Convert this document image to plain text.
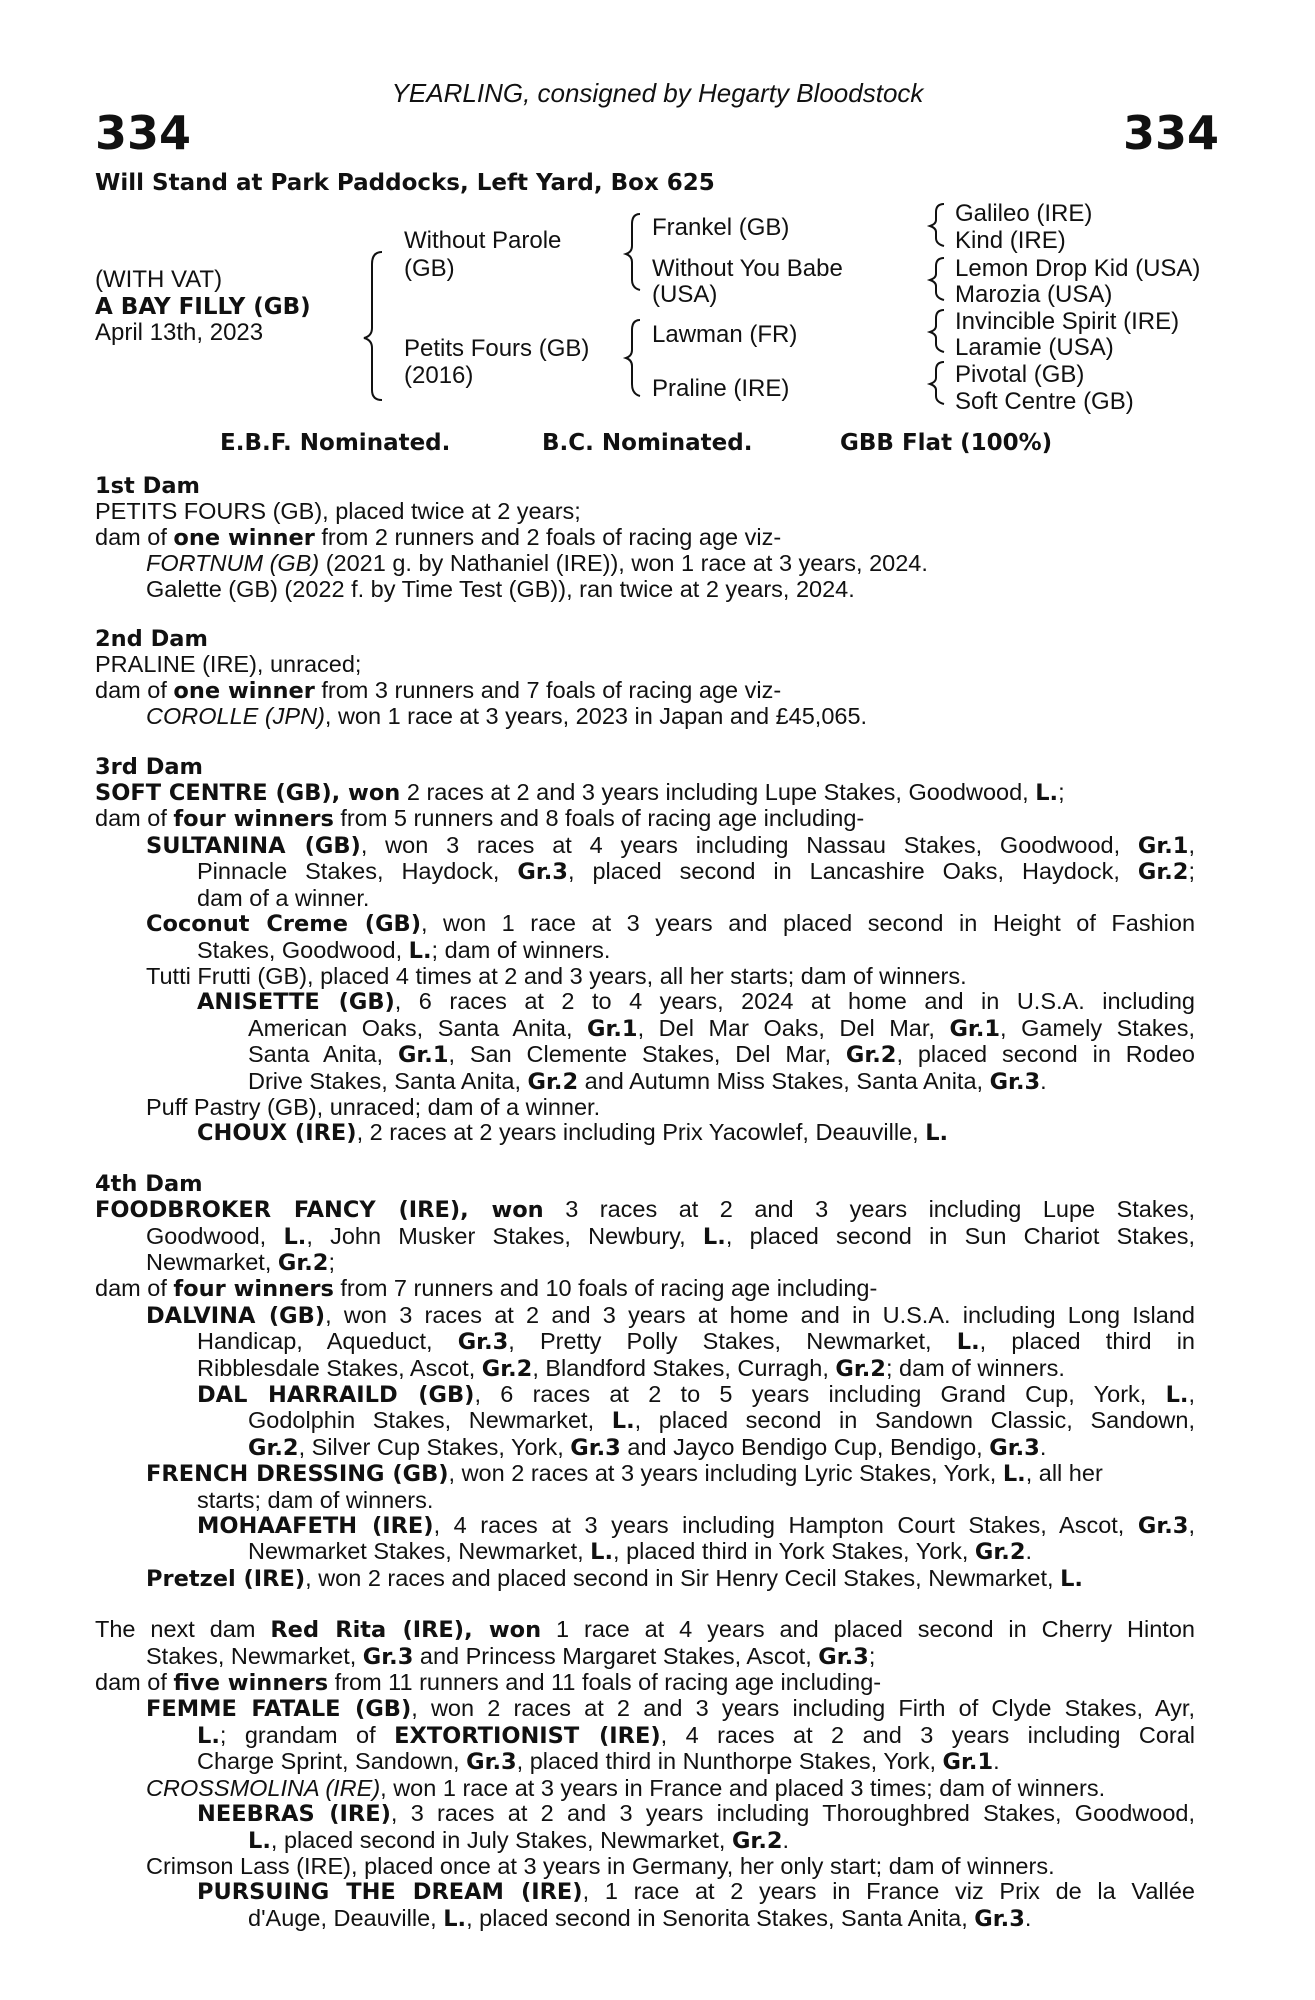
YEARLING, consigned by Hegarty Bloodstock
334	334
Will Stand at Park Paddocks, Left Yard, Box 625
(WITH VAT)
A BAY FILLY (GB)
April 13th, 2023
Without Parole
(GB)
Petits Fours (GB)
(2016)
Frankel (GB)
Without You Babe
(USA)
Lawman (FR)
Praline (IRE)
Galileo (IRE)
Kind (IRE)
Lemon Drop Kid (USA)
Marozia (USA)
Invincible Spirit (IRE)
Laramie (USA)
Pivotal (GB)
Soft Centre (GB)
E.B.F. Nominated.	B.C. Nominated.	GBB Flat (100%)
1st Dam
PETITS FOURS (GB), placed twice at 2 years;
dam of one winner from 2 runners and 2 foals of racing age viz-
FORTNUM (GB) (2021 g. by Nathaniel (IRE)), won 1 race at 3 years, 2024.
Galette (GB) (2022 f. by Time Test (GB)), ran twice at 2 years, 2024.
2nd Dam
PRALINE (IRE), unraced;
dam of one winner from 3 runners and 7 foals of racing age viz-
COROLLE (JPN), won 1 race at 3 years, 2023 in Japan and £45,065.
3rd Dam
SOFT CENTRE (GB), won 2 races at 2 and 3 years including Lupe Stakes, Goodwood, L.;
dam of four winners from 5 runners and 8 foals of racing age including-
SULTANINA (GB), won 3 races at 4 years including Nassau Stakes, Goodwood, Gr.1,
Pinnacle Stakes, Haydock, Gr.3, placed second in Lancashire Oaks, Haydock, Gr.2;
dam of a winner.
Coconut Creme (GB), won 1 race at 3 years and placed second in Height of Fashion
Stakes, Goodwood, L.; dam of winners.
Tutti Frutti (GB), placed 4 times at 2 and 3 years, all her starts; dam of winners.
ANISETTE (GB), 6 races at 2 to 4 years, 2024 at home and in U.S.A. including
American Oaks, Santa Anita, Gr.1, Del Mar Oaks, Del Mar, Gr.1, Gamely Stakes,
Santa Anita, Gr.1, San Clemente Stakes, Del Mar, Gr.2, placed second in Rodeo
Drive Stakes, Santa Anita, Gr.2 and Autumn Miss Stakes, Santa Anita, Gr.3.
Puff Pastry (GB), unraced; dam of a winner.
CHOUX (IRE), 2 races at 2 years including Prix Yacowlef, Deauville, L.
4th Dam
FOODBROKER FANCY (IRE), won 3 races at 2 and 3 years including Lupe Stakes,
Goodwood, L., John Musker Stakes, Newbury, L., placed second in Sun Chariot Stakes,
Newmarket, Gr.2;
dam of four winners from 7 runners and 10 foals of racing age including-
DALVINA (GB), won 3 races at 2 and 3 years at home and in U.S.A. including Long Island
Handicap, Aqueduct, Gr.3, Pretty Polly Stakes, Newmarket, L., placed third in
Ribblesdale Stakes, Ascot, Gr.2, Blandford Stakes, Curragh, Gr.2; dam of winners.
DAL HARRAILD (GB), 6 races at 2 to 5 years including Grand Cup, York, L.,
Godolphin Stakes, Newmarket, L., placed second in Sandown Classic, Sandown,
Gr.2, Silver Cup Stakes, York, Gr.3 and Jayco Bendigo Cup, Bendigo, Gr.3.
FRENCH DRESSING (GB), won 2 races at 3 years including Lyric Stakes, York, L., all her
starts; dam of winners.
MOHAAFETH (IRE), 4 races at 3 years including Hampton Court Stakes, Ascot, Gr.3,
Newmarket Stakes, Newmarket, L., placed third in York Stakes, York, Gr.2.
Pretzel (IRE), won 2 races and placed second in Sir Henry Cecil Stakes, Newmarket, L.
The next dam Red Rita (IRE), won 1 race at 4 years and placed second in Cherry Hinton
Stakes, Newmarket, Gr.3 and Princess Margaret Stakes, Ascot, Gr.3;
dam of five winners from 11 runners and 11 foals of racing age including-
FEMME FATALE (GB), won 2 races at 2 and 3 years including Firth of Clyde Stakes, Ayr,
L.; grandam of EXTORTIONIST (IRE), 4 races at 2 and 3 years including Coral
Charge Sprint, Sandown, Gr.3, placed third in Nunthorpe Stakes, York, Gr.1.
CROSSMOLINA (IRE), won 1 race at 3 years in France and placed 3 times; dam of winners.
NEEBRAS (IRE), 3 races at 2 and 3 years including Thoroughbred Stakes, Goodwood,
L., placed second in July Stakes, Newmarket, Gr.2.
Crimson Lass (IRE), placed once at 3 years in Germany, her only start; dam of winners.
PURSUING THE DREAM (IRE), 1 race at 2 years in France viz Prix de la Vallée
d'Auge, Deauville, L., placed second in Senorita Stakes, Santa Anita, Gr.3.
